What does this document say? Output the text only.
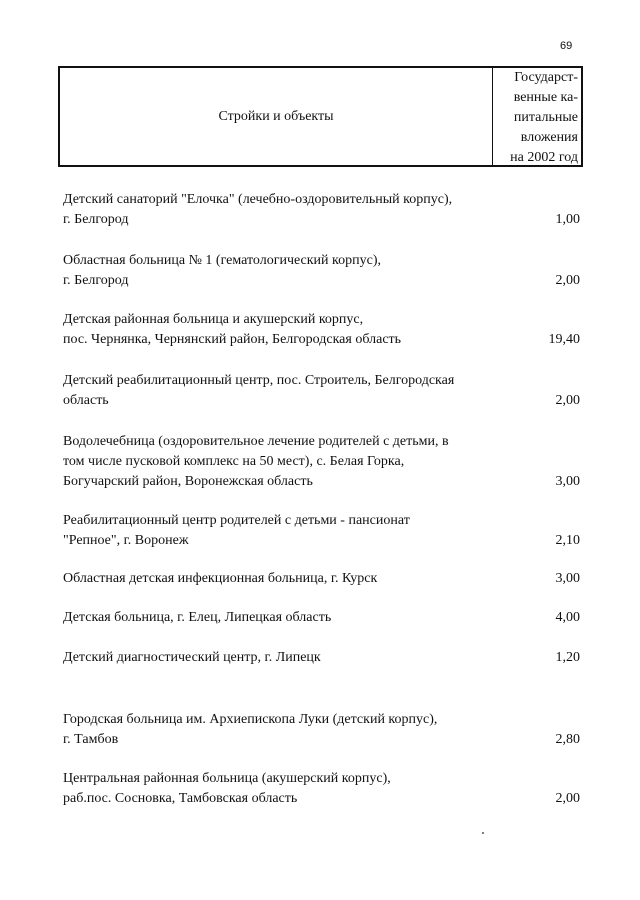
69
Стройки и объекты
Государст-
венные ка-
питальные
вложения
на 2002 год
Детский санаторий "Елочка" (лечебно-оздоровительный корпус),
г. Белгород	1,00
Областная больница № 1 (гематологический корпус),
г. Белгород	2,00
Детская районная больница и акушерский корпус,
пос. Чернянка, Чернянский район, Белгородская область	19,40
Детский реабилитационный центр, пос. Строитель, Белгородская
область	2,00
Водолечебница (оздоровительное лечение родителей с детьми, в
том числе пусковой комплекс на 50 мест), с. Белая Горка,
Богучарский район, Воронежская область	3,00
Реабилитационный центр родителей с детьми - пансионат
"Репное", г. Воронеж	2,10
Областная детская инфекционная больница, г. Курск	3,00
Детская больница, г. Елец, Липецкая область	4,00
Детский диагностический центр, г. Липецк	1,20
Городская больница им. Архиепископа Луки (детский корпус),
г. Тамбов	2,80
Центральная районная больница (акушерский корпус),
раб.пос. Сосновка, Тамбовская область	2,00
